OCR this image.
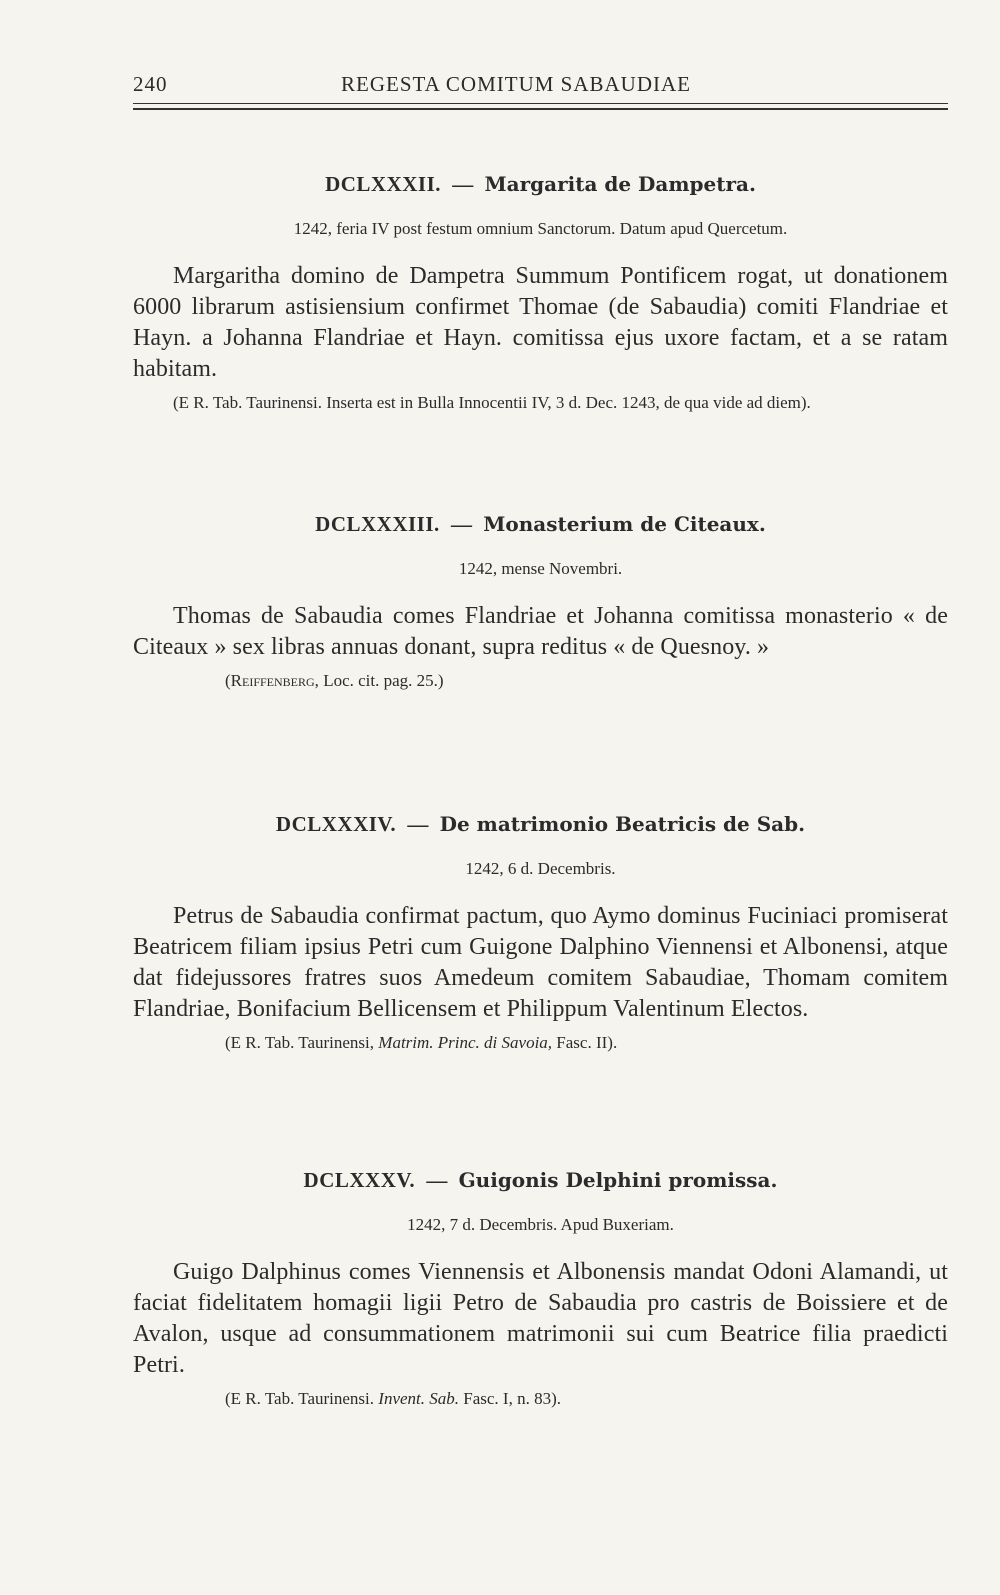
240	REGESTA COMITUM SABAUDIAE
DCLXXXII. — Margarita de Dampetra.

1242, feria IV post festum omnium Sanctorum. Datum apud Quercetum.

Margaritha domino de Dampetra Summum Pontificem rogat, ut donationem 6000 librarum astisiensium confirmet Thomae (de Sabaudia) comiti Flandriae et Hayn. a Johanna Flandriae et Hayn. comitissa ejus uxore factam, et a se ratam habitam.

(E R. Tab. Taurinensi. Inserta est in Bulla Innocentii IV, 3 d. Dec. 1243, de qua vide ad diem).

DCLXXXIII. — Monasterium de Citeaux.

1242, mense Novembri.

Thomas de Sabaudia comes Flandriae et Johanna comitissa monasterio « de Citeaux » sex libras annuas donant, supra reditus « de Quesnoy. »

(Reiffenberg, Loc. cit. pag. 25.)

DCLXXXIV. — De matrimonio Beatricis de Sab.

1242, 6 d. Decembris.

Petrus de Sabaudia confirmat pactum, quo Aymo dominus Fuciniaci promiserat Beatricem filiam ipsius Petri cum Guigone Dalphino Viennensi et Albonensi, atque dat fidejussores fratres suos Amedeum comitem Sabaudiae, Thomam comitem Flandriae, Bonifacium Bellicensem et Philippum Valentinum Electos.

(E R. Tab. Taurinensi, Matrim. Princ. di Savoia, Fasc. II).

DCLXXXV. — Guigonis Delphini promissa.

1242, 7 d. Decembris. Apud Buxeriam.

Guigo Dalphinus comes Viennensis et Albonensis mandat Odoni Alamandi, ut faciat fidelitatem homagii ligii Petro de Sabaudia pro castris de Boissiere et de Avalon, usque ad consummationem matrimonii sui cum Beatrice filia praedicti Petri.

(E R. Tab. Taurinensi. Invent. Sab. Fasc. I, n. 83).
